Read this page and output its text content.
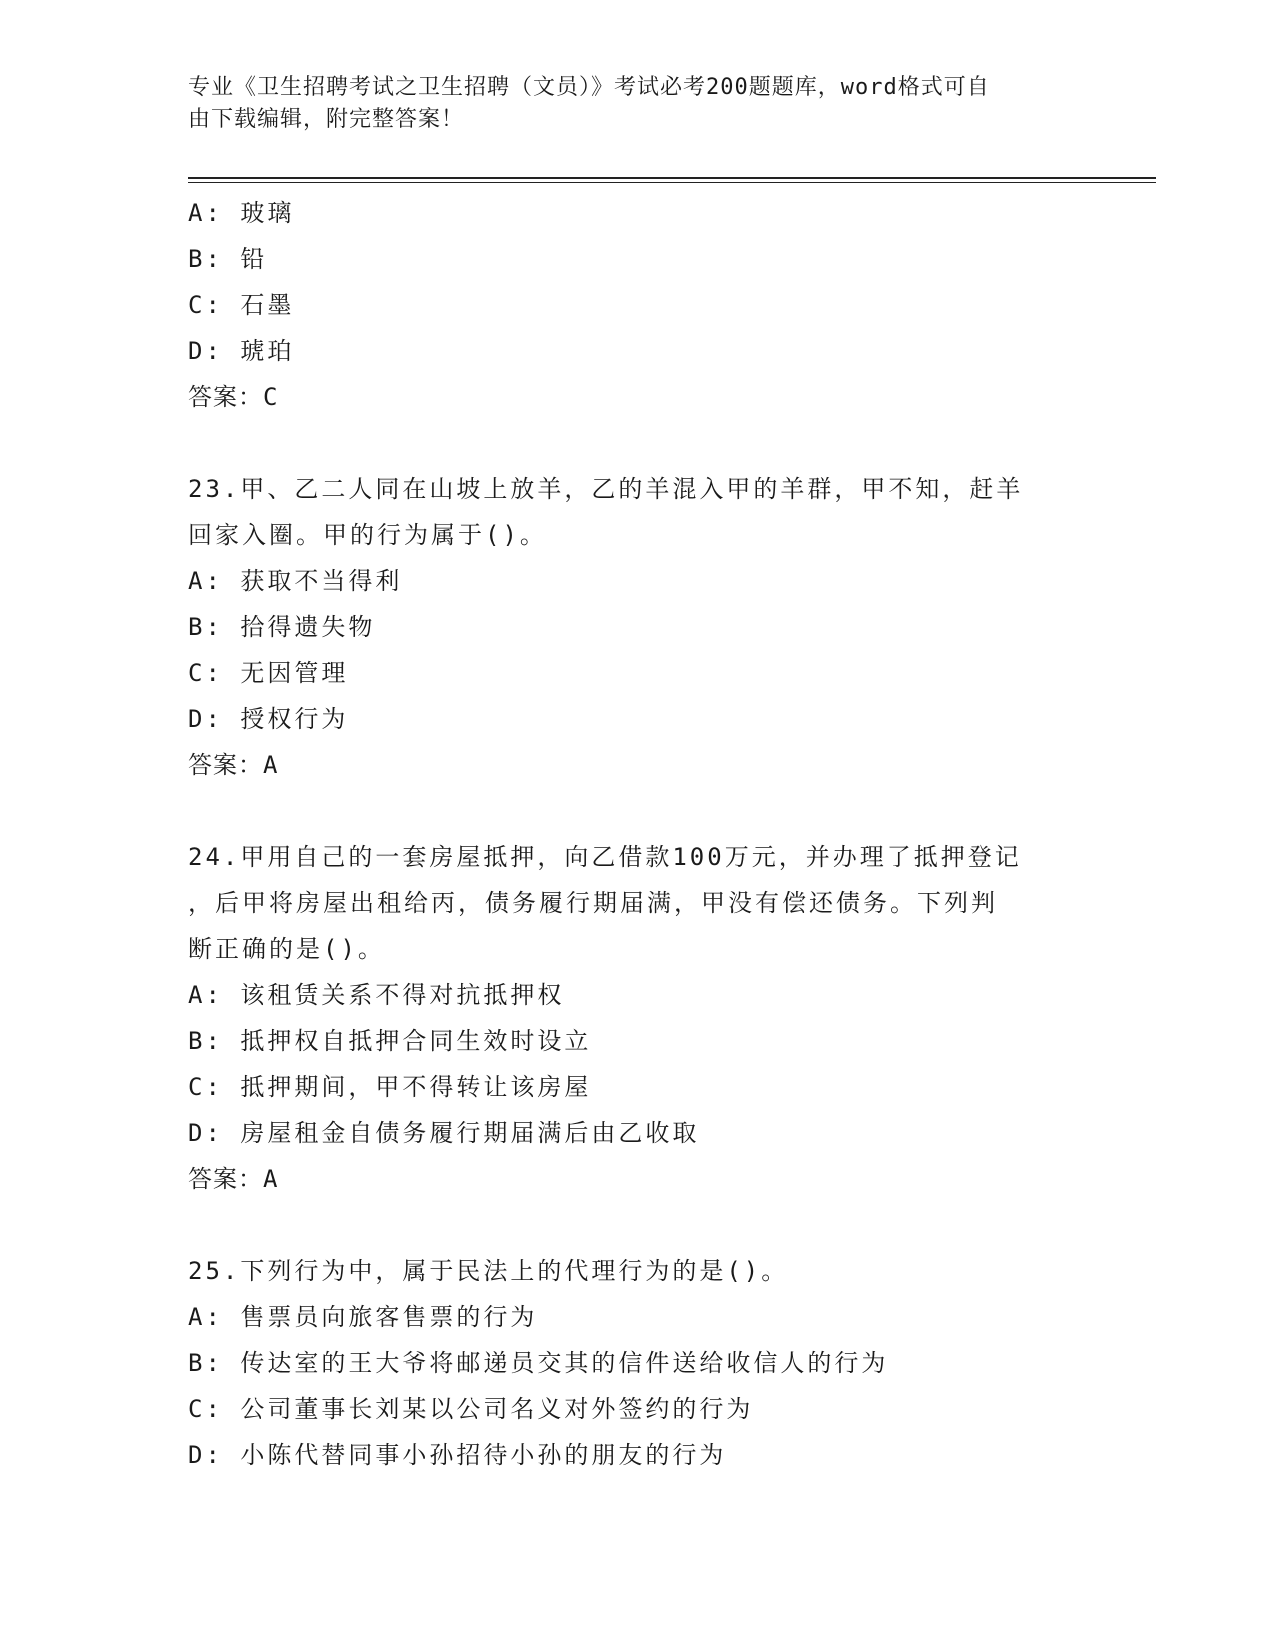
专业《卫生招聘考试之卫生招聘（文员）》考试必考200题题库，word格式可自
由下载编辑，附完整答案！
A: 玻璃
B: 铅
C: 石墨
D: 琥珀
答案：C
23.甲、乙二人同在山坡上放羊，乙的羊混入甲的羊群，甲不知，赶羊
回家入圈。甲的行为属于()。
A: 获取不当得利
B: 拾得遗失物
C: 无因管理
D: 授权行为
答案：A
24.甲用自己的一套房屋抵押，向乙借款100万元，并办理了抵押登记
，后甲将房屋出租给丙，债务履行期届满，甲没有偿还债务。下列判
断正确的是()。
A: 该租赁关系不得对抗抵押权
B: 抵押权自抵押合同生效时设立
C: 抵押期间，甲不得转让该房屋
D: 房屋租金自债务履行期届满后由乙收取
答案：A
25.下列行为中，属于民法上的代理行为的是()。
A: 售票员向旅客售票的行为
B: 传达室的王大爷将邮递员交其的信件送给收信人的行为
C: 公司董事长刘某以公司名义对外签约的行为
D: 小陈代替同事小孙招待小孙的朋友的行为
